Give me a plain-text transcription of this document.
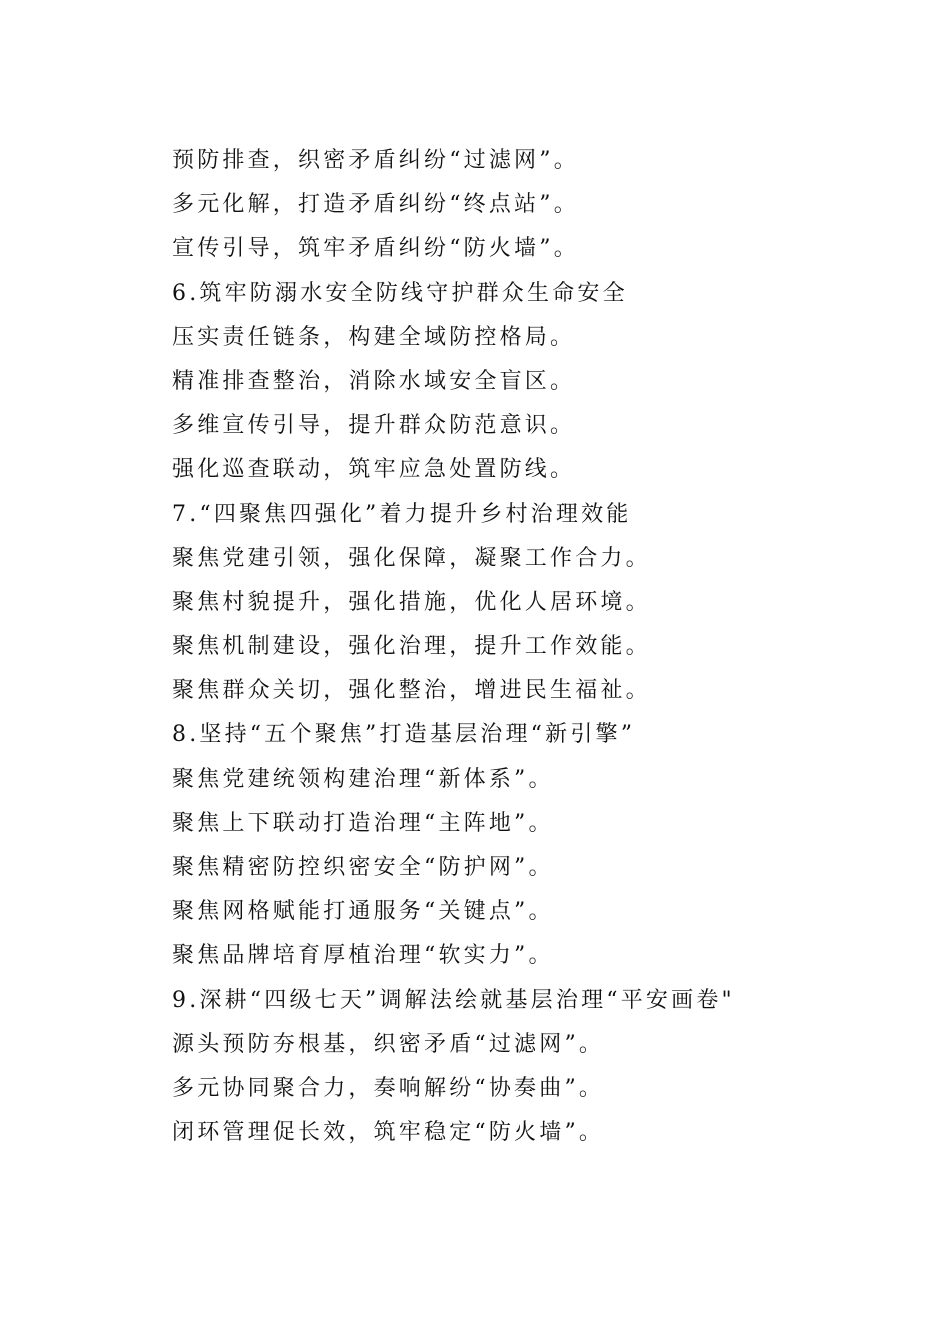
预防排查，织密矛盾纠纷“过滤网”。
多元化解，打造矛盾纠纷“终点站”。
宣传引导，筑牢矛盾纠纷“防火墙”。
6.筑牢防溺水安全防线守护群众生命安全
压实责任链条，构建全域防控格局。
精准排查整治，消除水域安全盲区。
多维宣传引导，提升群众防范意识。
强化巡查联动，筑牢应急处置防线。
7.“四聚焦四强化”着力提升乡村治理效能
聚焦党建引领，强化保障，凝聚工作合力。
聚焦村貌提升，强化措施，优化人居环境。
聚焦机制建设，强化治理，提升工作效能。
聚焦群众关切，强化整治，增进民生福祉。
8.坚持“五个聚焦”打造基层治理“新引擎”
聚焦党建统领构建治理“新体系”。
聚焦上下联动打造治理“主阵地”。
聚焦精密防控织密安全“防护网”。
聚焦网格赋能打通服务“关键点”。
聚焦品牌培育厚植治理“软实力”。
9.深耕“四级七天”调解法绘就基层治理“平安画卷"
源头预防夯根基，织密矛盾“过滤网”。
多元协同聚合力，奏响解纷“协奏曲”。
闭环管理促长效，筑牢稳定“防火墙”。
